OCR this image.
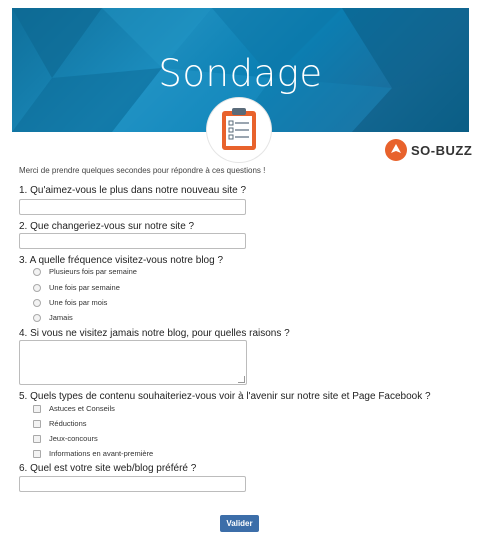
Sondage
SO-BUZZ
Merci de prendre quelques secondes pour répondre à ces questions !
1. Qu'aimez-vous le plus dans notre nouveau site ?
2. Que changeriez-vous sur notre site ?
3. A quelle fréquence visitez-vous notre blog ?
Plusieurs fois par semaine
Une fois par semaine
Une fois par mois
Jamais
4. Si vous ne visitez jamais notre blog, pour quelles raisons ?
5. Quels types de contenu souhaiteriez-vous voir à l'avenir sur notre site et Page Facebook ?
Astuces et Conseils
Réductions
Jeux-concours
Informations en avant-première
6. Quel est votre site web/blog préféré ?
Valider
